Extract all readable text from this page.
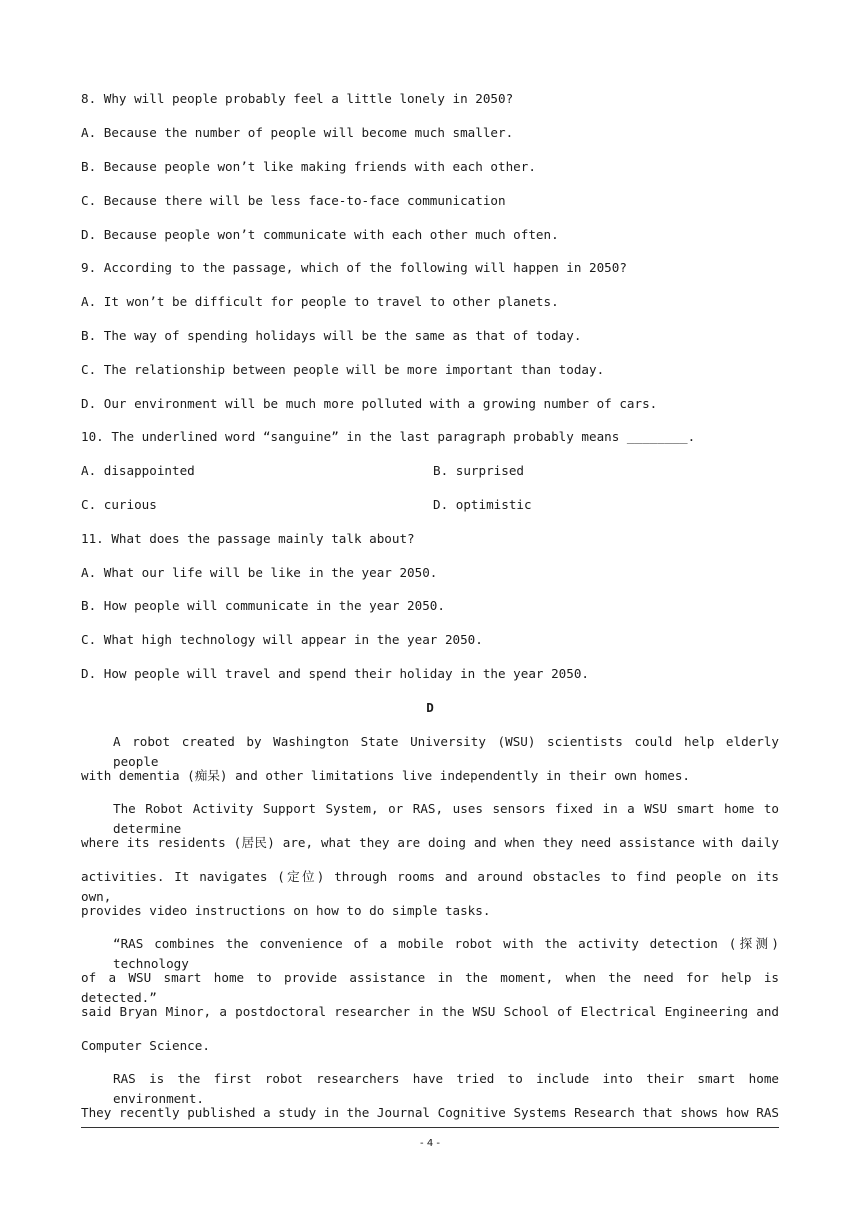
8. Why will people probably feel a little lonely in 2050?
A. Because the number of people will become much smaller.
B. Because people won’t like making friends with each other.
C. Because there will be less face-to-face communication
D. Because people won’t communicate with each other much often.
9. According to the passage, which of the following will happen in 2050?
A. It won’t be difficult for people to travel to other planets.
B. The way of spending holidays will be the same as that of today.
C. The relationship between people will be more important than today.
D. Our environment will be much more polluted with a growing number of cars.
10. The underlined word “sanguine” in the last paragraph probably means ________.
A. disappointed	B. surprised
C. curious	D. optimistic
11. What does the passage mainly talk about?
A. What our life will be like in the year 2050.
B. How people will communicate in the year 2050.
C. What high technology will appear in the year 2050.
D. How people will travel and spend their holiday in the year 2050.
D
A robot created by Washington State University (WSU) scientists could help elderly people
with dementia (痴呆) and other limitations live independently in their own homes.
The Robot Activity Support System, or RAS, uses sensors fixed in a WSU smart home to determine
where its residents (居民) are, what they are doing and when they need assistance with daily
activities. It navigates (定位) through rooms and around obstacles to find people on its own,
provides video instructions on how to do simple tasks.
“RAS combines the convenience of a mobile robot with the activity detection (探测) technology
of a WSU smart home to provide assistance in the moment, when the need for help is detected.”
said Bryan Minor, a postdoctoral researcher in the WSU School of Electrical Engineering and
Computer Science.
RAS is the first robot researchers have tried to include into their smart home environment.
They recently published a study in the Journal Cognitive Systems Research that shows how RAS
- 4 -
